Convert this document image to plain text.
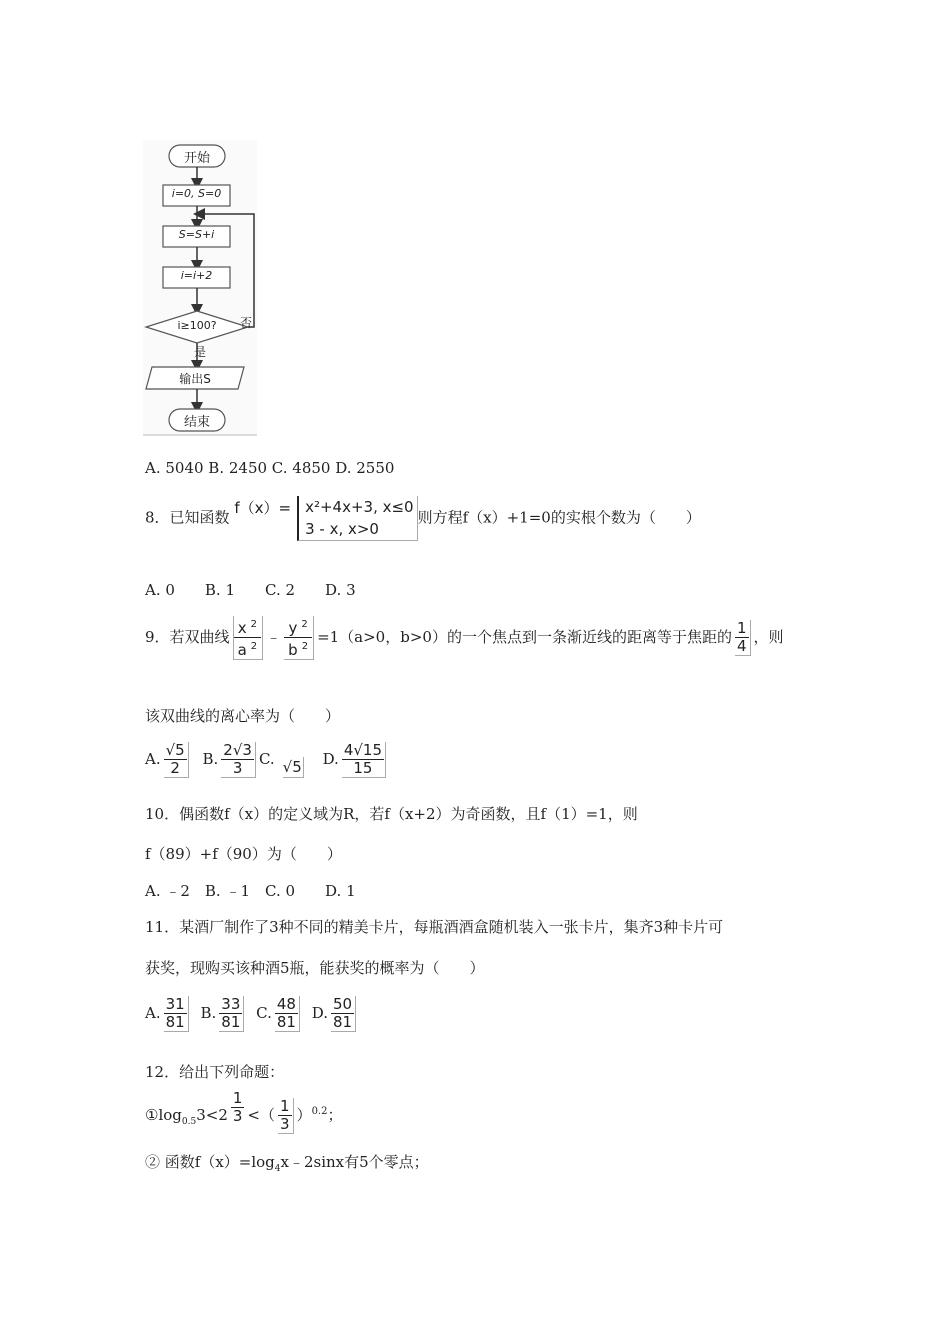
开始
i=0, S=0
S=S+i
i=i+2
i≥100?	否
是
输出S
结束
A. 5040 B. 2450 C. 4850 D. 2550
8．已知函数 f（x）= x²+4x+3, x≤0
3 - x, x>0
则方程f（x）+1=0的实根个数为（　　）
A. 0　　B. 1　　C. 2　　D. 3
9．若双曲线 $\frac{x ^2}{a ^2}$ ﹣ $\frac{y ^2}{b ^2} =1(a>0$，b>0）的一个焦点到一条渐近线的距离等于焦距的 $\frac{1}{4}$ ，则
该双曲线的离心率为（　　）
A. $\frac{√5}{2} B$. $\frac{2√3}{3} C$. √5 D. $\frac{4√15}{15}$
10．偶函数f（x）的定义域为R，若f（x+2）为奇函数，且f（1）=1，则
f（89）+f（90）为（　　）
A. ﹣2　B. ﹣1　C. 0　　D. 1
11．某酒厂制作了3种不同的精美卡片，每瓶酒酒盒随机装入一张卡片，集齐3种卡片可
获奖，现购买该种酒5瓶，能获奖的概率为（　　）
A. $\frac{31}{81} B$. $\frac{33}{81} C$. $\frac{48}{81} D$. $\frac{50}{81}$
12．给出下列命题：
$①\log_{0.5}3<2 \frac{1}{3}$ <（ $\frac{1}{3} )^{0.2}$；
② 函数$f(x)=\log_4x﹣2\sin x$有5个零点；
